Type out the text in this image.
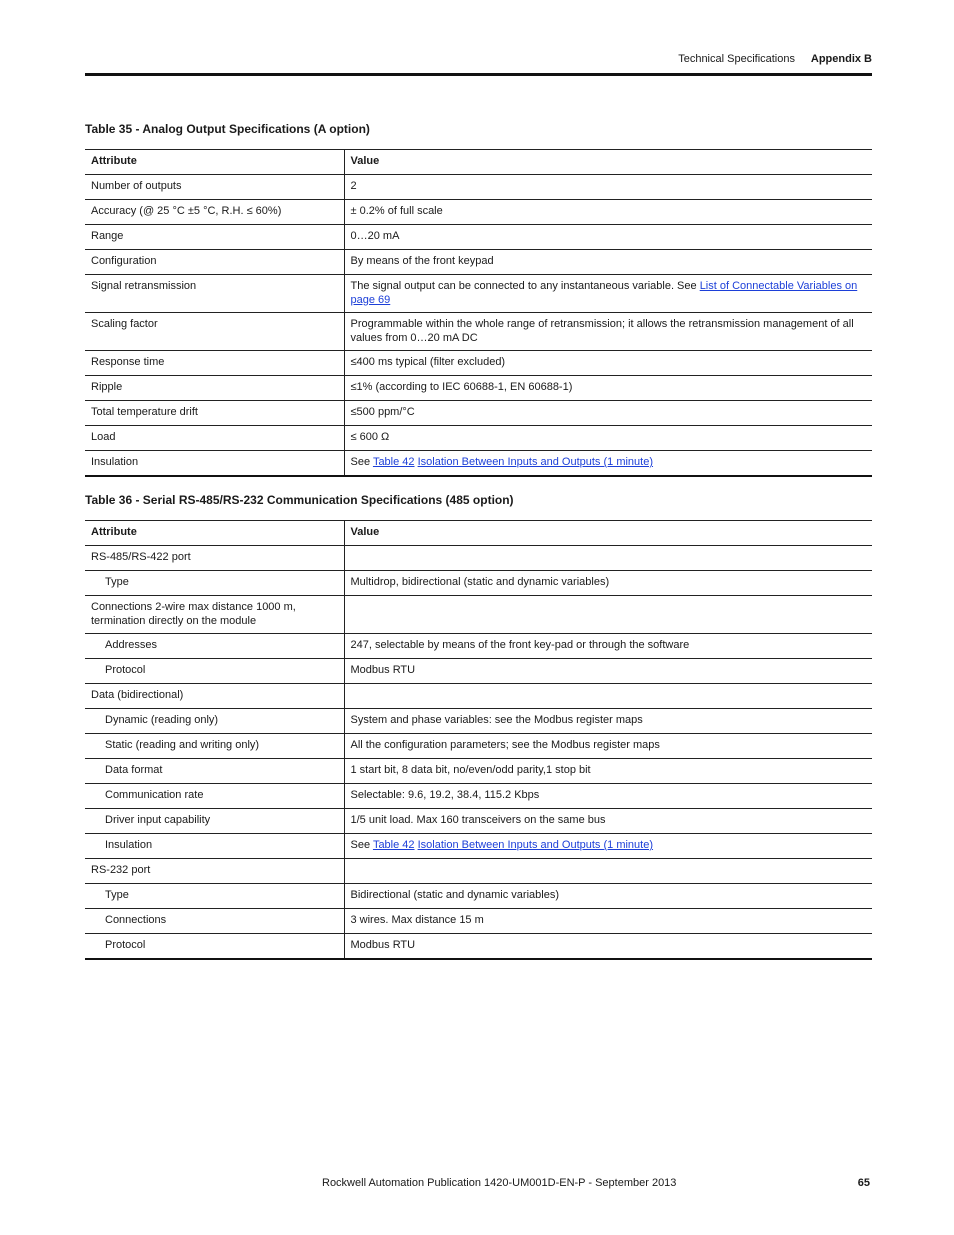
Technical Specifications Appendix B
Table 35 - Analog Output Specifications (A option)
Attribute	Value
Number of outputs	2
Accuracy (@ 25 °C ±5 °C, R.H. ≤ 60%)	± 0.2% of full scale
Range	0…20 mA
Configuration	By means of the front keypad
Signal retransmission	The signal output can be connected to any instantaneous variable. See List of Connectable Variables on page 69
Scaling factor	Programmable within the whole range of retransmission; it allows the retransmission management of all values from 0…20 mA DC
Response time	≤400 ms typical (filter excluded)
Ripple	≤1% (according to IEC 60688-1, EN 60688-1)
Total temperature drift	≤500 ppm/°C
Load	≤ 600 Ω
Insulation	See Table 42 Isolation Between Inputs and Outputs (1 minute)
Table 36 - Serial RS-485/RS-232 Communication Specifications (485 option)
Attribute	Value
RS-485/RS-422 port	
Type	Multidrop, bidirectional (static and dynamic variables)
Connections 2-wire max distance 1000 m, termination directly on the module	
Addresses	247, selectable by means of the front key-pad or through the software
Protocol	Modbus RTU
Data (bidirectional)	
Dynamic (reading only)	System and phase variables: see the Modbus register maps
Static (reading and writing only)	All the configuration parameters; see the Modbus register maps
Data format	1 start bit, 8 data bit, no/even/odd parity,1 stop bit
Communication rate	Selectable: 9.6, 19.2, 38.4, 115.2 Kbps
Driver input capability	1/5 unit load. Max 160 transceivers on the same bus
Insulation	See Table 42 Isolation Between Inputs and Outputs (1 minute)
RS-232 port	
Type	Bidirectional (static and dynamic variables)
Connections	3 wires. Max distance 15 m
Protocol	Modbus RTU
Rockwell Automation Publication 1420-UM001D-EN-P - September 2013	65
